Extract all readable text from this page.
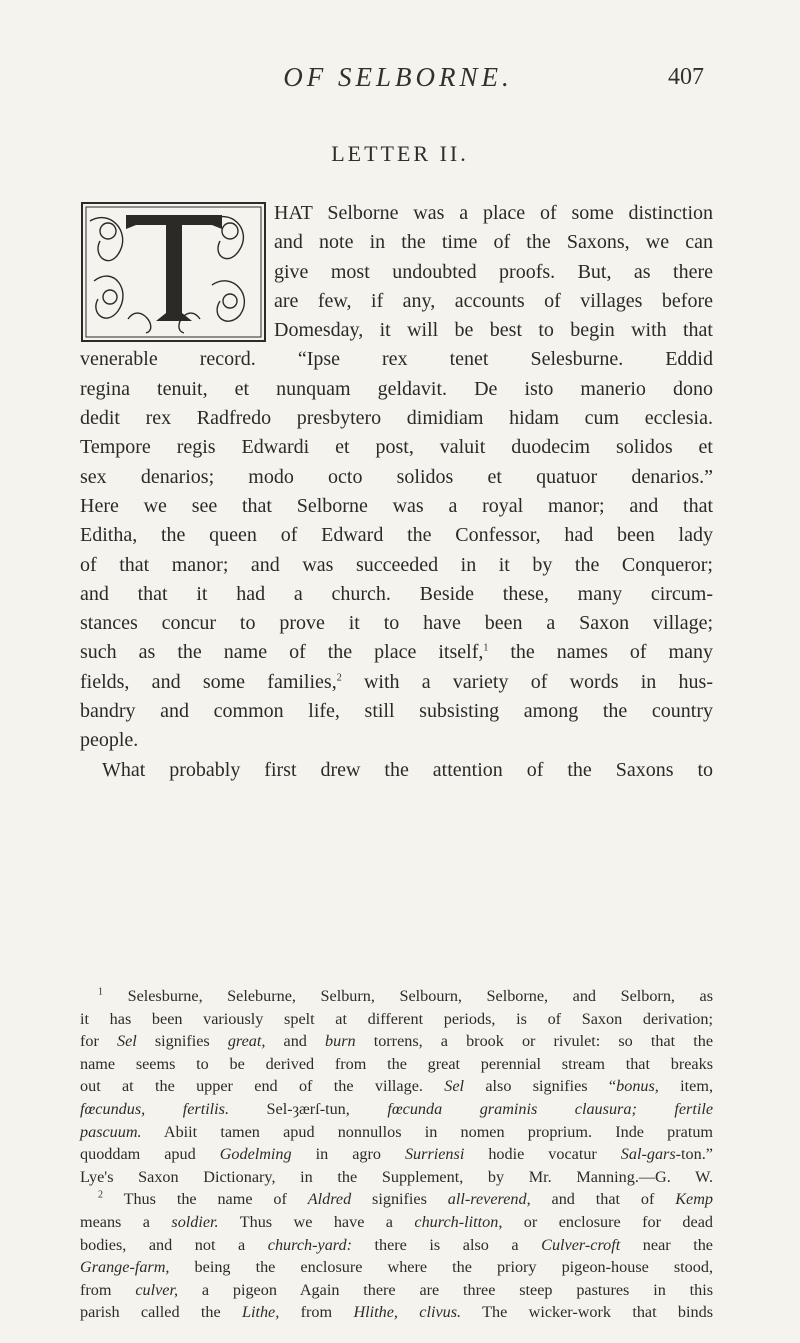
OF SELBORNE.	407
LETTER II.
HAT Selborne was a place of some distinction
and note in the time of the Saxons, we can
give most undoubted proofs. But, as there
are few, if any, accounts of villages before
Domesday, it will be best to begin with that
venerable record. “Ipse rex tenet Selesburne. Eddid
regina tenuit, et nunquam geldavit. De isto manerio dono
dedit rex Radfredo presbytero dimidiam hidam cum ecclesia.
Tempore regis Edwardi et post, valuit duodecim solidos et
sex denarios; modo octo solidos et quatuor denarios.”
Here we see that Selborne was a royal manor; and that
Editha, the queen of Edward the Confessor, had been lady
of that manor; and was succeeded in it by the Conqueror;
and that it had a church. Beside these, many circum-
stances concur to prove it to have been a Saxon village;
such as the name of the place itself,$^1$ the names of many
fields, and some families,$^2$ with a variety of words in hus-
bandry and common life, still subsisting among the country
people.
What probably first drew the attention of the Saxons to
$^1$ Selesburne, Seleburne, Selburn, Selbourn, Selborne, and Selborn, as
it has been variously spelt at different periods, is of Saxon derivation;
for Sel signifies great, and burn torrens, a brook or rivulet: so that the
name seems to be derived from the great perennial stream that breaks
out at the upper end of the village. Sel also signifies “bonus, item,
fœcundus, fertilis. Sel-ȝærſ-tun, fœcunda graminis clausura; fertile
pascuum. Abiit tamen apud nonnullos in nomen proprium. Inde pratum
quoddam apud Godelming in agro Surriensi hodie vocatur Sal-gars-ton.”
Lye's Saxon Dictionary, in the Supplement, by Mr. Manning.—G. W.
$^2$ Thus the name of Aldred signifies all-reverend, and that of Kemp
means a soldier. Thus we have a church-litton, or enclosure for dead
bodies, and not a church-yard: there is also a Culver-croft near the
Grange-farm, being the enclosure where the priory pigeon-house stood,
from culver, a pigeon Again there are three steep pastures in this
parish called the Lithe, from Hlithe, clivus. The wicker-work that binds
